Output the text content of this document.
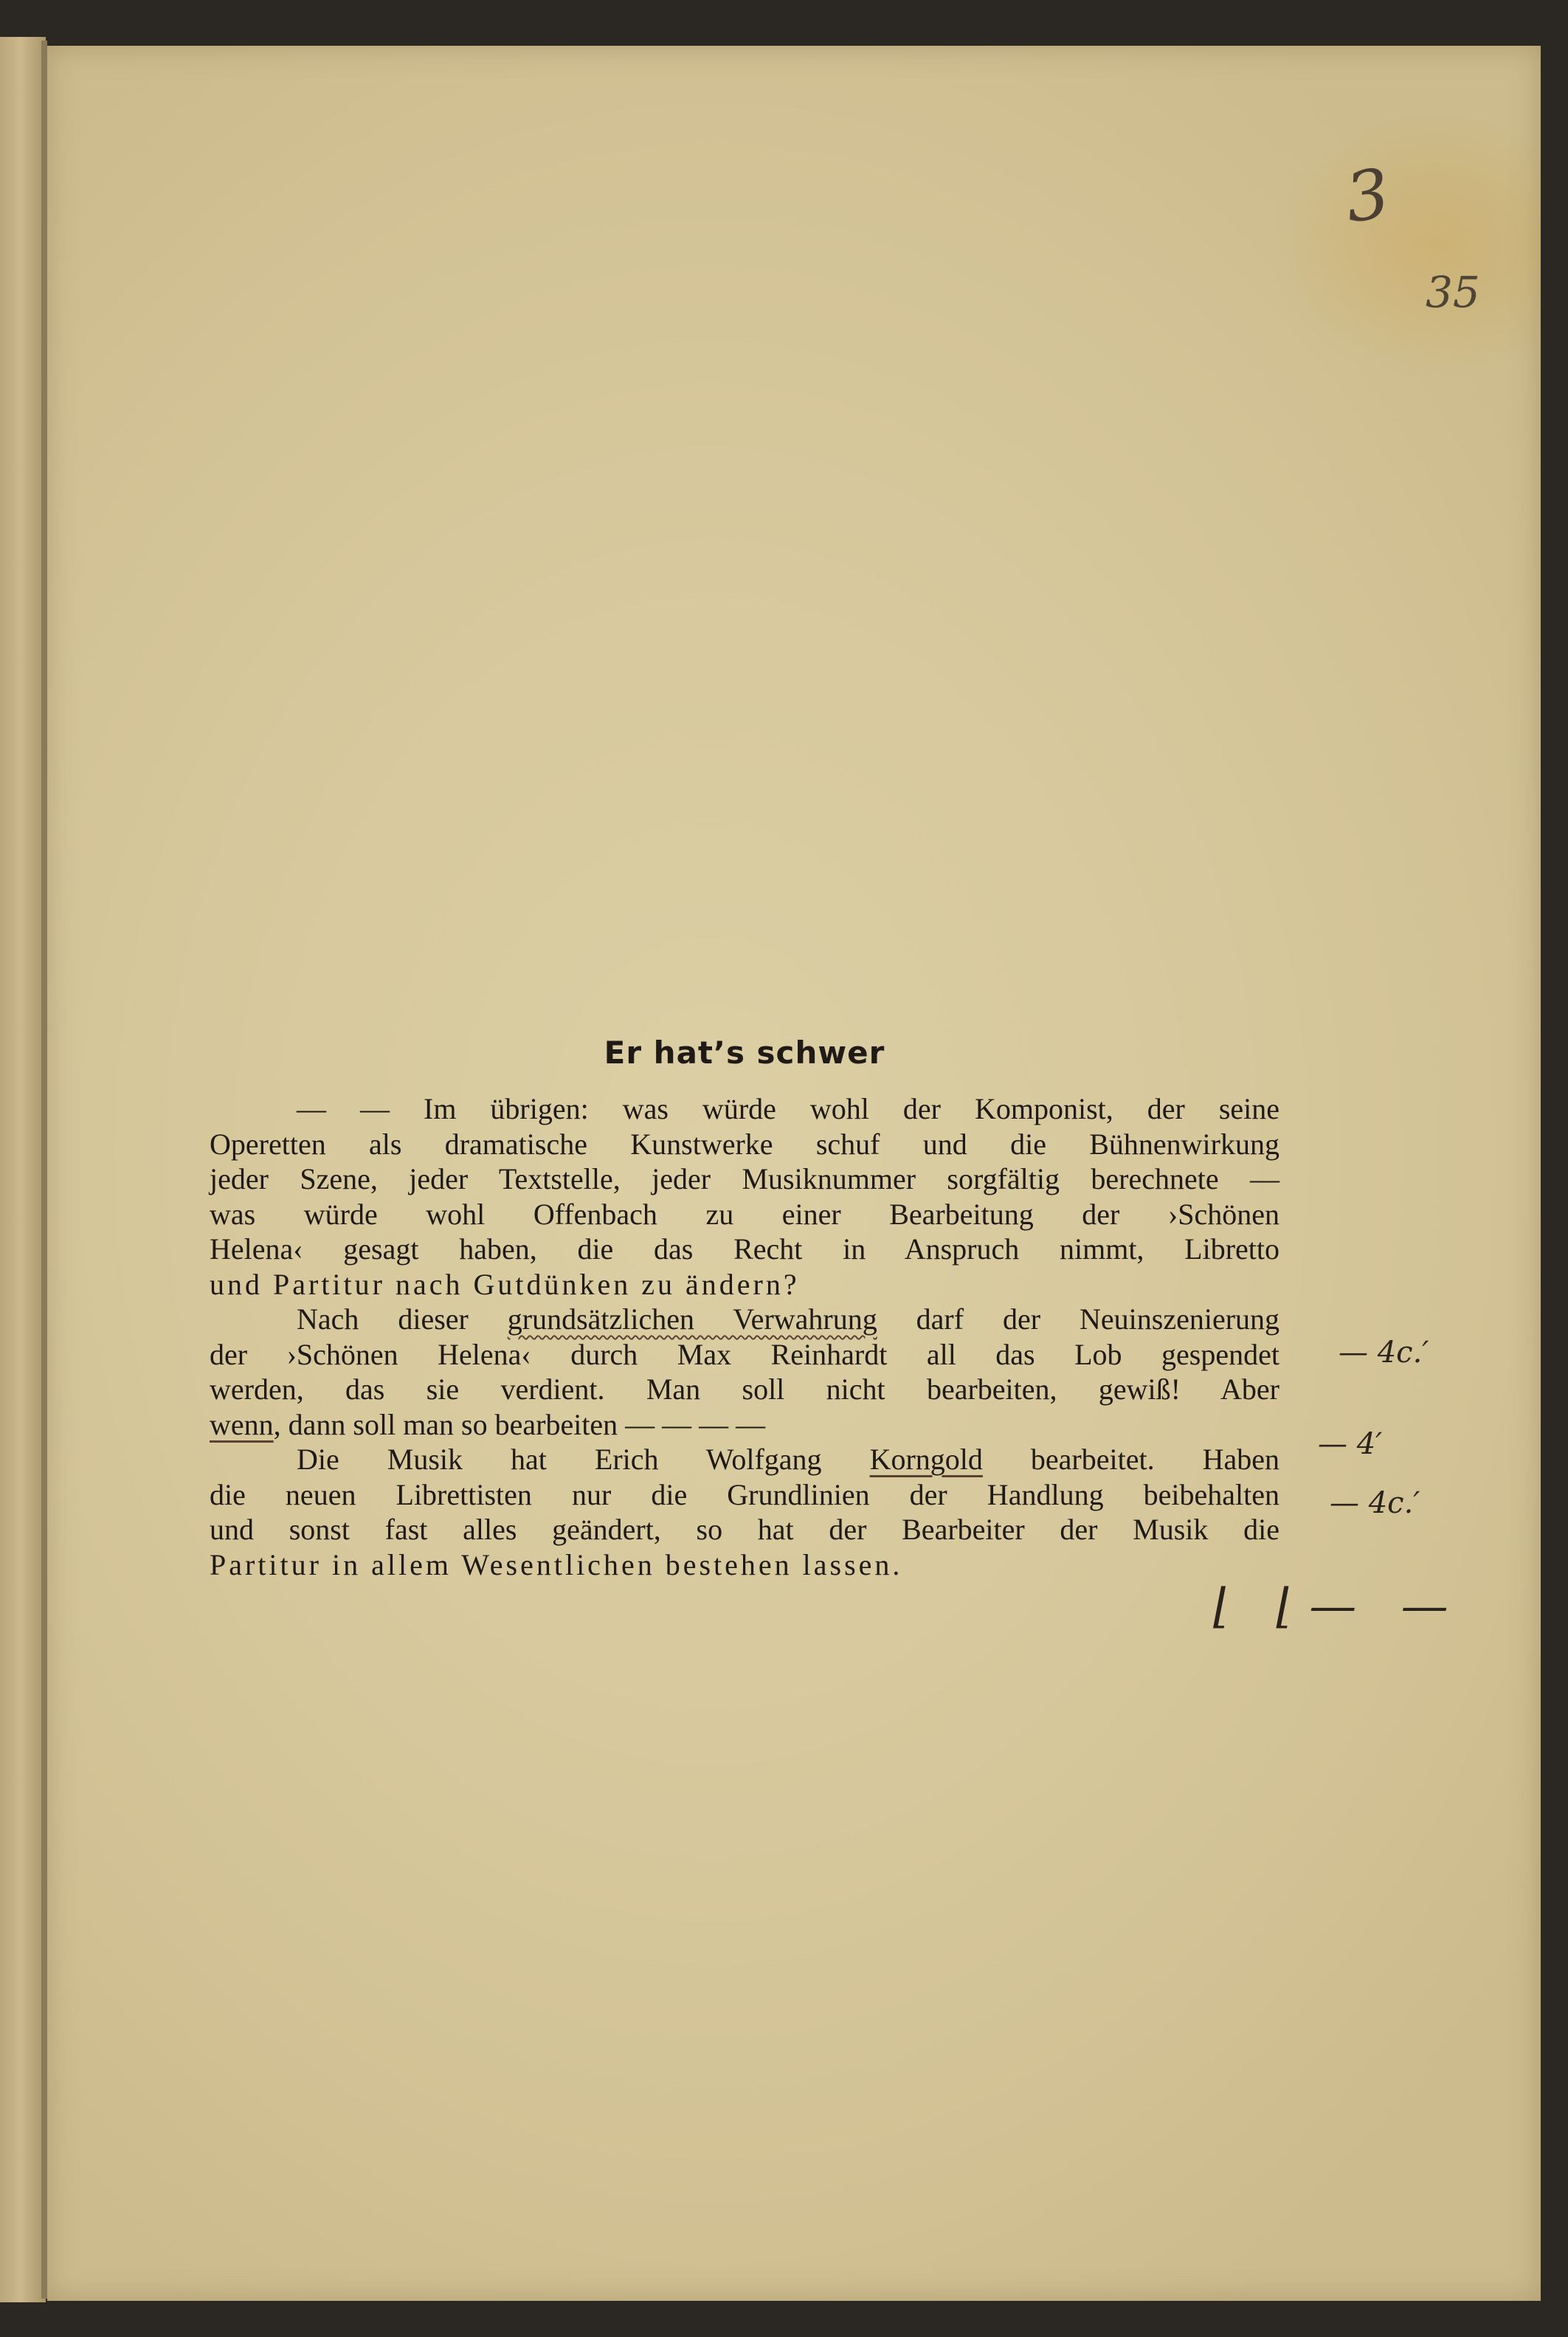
3
35
Er hat’s schwer
— — Im übrigen: was würde wohl der Komponist, der seine
Operetten als dramatische Kunstwerke schuf und die Bühnenwirkung
jeder Szene, jeder Textstelle, jeder Musiknummer sorgfältig berechnete —
was würde wohl Offenbach zu einer Bearbeitung der ›Schönen
Helena‹ gesagt haben, die das Recht in Anspruch nimmt, Libretto
und Partitur nach Gutdünken zu ändern?
Nach dieser grundsätzlichen Verwahrung darf der Neuinszenierung
der ›Schönen Helena‹ durch Max Reinhardt all das Lob gespendet
werden, das sie verdient. Man soll nicht bearbeiten, gewiß! Aber
wenn, dann soll man so bearbeiten — — — —
Die Musik hat Erich Wolfgang Korngold bearbeitet. Haben
die neuen Librettisten nur die Grundlinien der Handlung beibehalten
und sonst fast alles geändert, so hat der Bearbeiter der Musik die
Partitur in allem Wesentlichen bestehen lassen.
— 4c.′
— 4′
— 4c.′
⌊ ⌊— —
